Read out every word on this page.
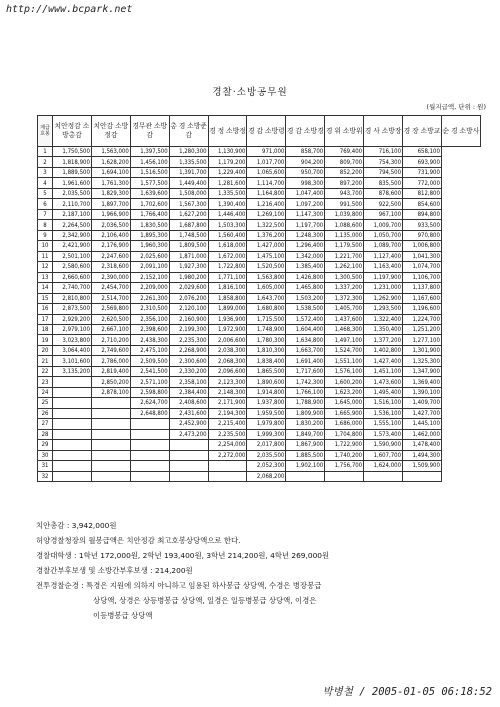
http://www.bcpark.net
경찰·소방공무원
(월지급액, 단위 : 원)
계급
호봉	치안정감 소방총감	치안감 소방정감	경무관 소방감	총 경 소방준감	경 정 소방정	경 감 소방령	경 감 소방경	경 위 소방위	경 사 소방장	경 장 소방교	순 경 소방사
1	1,750,500	1,563,000	1,397,500	1,280,300	1,130,900	971,000	858,700	769,400	716,100	658,100	
2	1,818,900	1,628,200	1,456,100	1,335,500	1,179,200	1,017,700	904,200	809,700	754,300	693,900	
3	1,889,500	1,694,100	1,516,500	1,391,700	1,229,400	1,065,600	950,700	852,200	794,500	731,900	
4	1,961,600	1,761,300	1,577,500	1,449,400	1,281,600	1,114,700	998,300	897,200	835,500	772,000	
5	2,035,500	1,829,300	1,639,600	1,508,000	1,335,500	1,164,800	1,047,400	943,700	878,600	812,800	
6	2,110,700	1,897,700	1,702,600	1,567,300	1,390,400	1,216,400	1,097,200	991,500	922,500	854,600	
7	2,187,100	1,966,900	1,766,400	1,627,200	1,446,400	1,269,100	1,147,300	1,039,800	967,100	894,800	
8	2,264,500	2,036,500	1,830,500	1,687,800	1,503,300	1,322,500	1,197,700	1,088,600	1,009,700	933,500	
9	2,342,900	2,106,400	1,895,300	1,748,500	1,560,400	1,376,200	1,248,300	1,135,000	1,050,700	970,800	
10	2,421,900	2,176,900	1,960,300	1,809,500	1,618,000	1,427,000	1,296,400	1,179,500	1,089,700	1,006,800	
11	2,501,100	2,247,600	2,025,600	1,871,000	1,672,000	1,475,100	1,342,000	1,221,700	1,127,400	1,041,300	
12	2,580,600	2,318,600	2,091,100	1,927,300	1,722,800	1,520,500	1,385,400	1,262,100	1,163,400	1,074,700	
13	2,660,600	2,390,000	2,152,100	1,980,200	1,771,100	1,563,800	1,426,800	1,300,500	1,197,900	1,106,700	
14	2,740,700	2,454,700	2,209,000	2,029,600	1,816,100	1,605,000	1,465,800	1,337,200	1,231,000	1,137,800	
15	2,810,800	2,514,700	2,261,300	2,076,200	1,858,800	1,643,700	1,503,200	1,372,300	1,262,900	1,167,600	
16	2,873,500	2,569,800	2,310,500	2,120,100	1,899,000	1,680,800	1,538,500	1,405,700	1,293,500	1,196,600	
17	2,929,200	2,620,500	2,356,100	2,160,900	1,936,900	1,715,500	1,572,400	1,437,600	1,322,400	1,224,700	
18	2,979,100	2,667,100	2,398,600	2,199,300	1,972,900	1,748,900	1,604,400	1,468,300	1,350,400	1,251,200	
19	3,023,800	2,710,200	2,438,300	2,235,300	2,006,600	1,780,300	1,634,800	1,497,100	1,377,200	1,277,100	
20	3,064,400	2,749,600	2,475,100	2,268,900	2,038,300	1,810,300	1,663,700	1,524,700	1,402,800	1,301,900	
21	3,101,600	2,786,000	2,509,500	2,300,600	2,068,300	1,838,400	1,691,400	1,551,100	1,427,400	1,325,300	
22	3,135,200	2,819,400	2,541,500	2,330,200	2,096,600	1,865,500	1,717,600	1,576,100	1,451,100	1,347,900	
23		2,850,200	2,571,100	2,358,100	2,123,300	1,890,600	1,742,300	1,600,200	1,473,600	1,369,400	
24		2,878,100	2,598,800	2,384,400	2,148,300	1,914,800	1,766,100	1,623,200	1,495,400	1,390,100	
25			2,624,700	2,408,600	2,171,900	1,937,800	1,788,900	1,645,000	1,516,100	1,409,700	
26			2,648,800	2,431,600	2,194,300	1,959,500	1,809,900	1,665,900	1,536,100	1,427,700	
27				2,452,900	2,215,400	1,979,800	1,830,200	1,686,000	1,555,100	1,445,100	
28				2,473,200	2,235,500	1,999,300	1,849,700	1,704,800	1,573,400	1,462,000	
29					2,254,000	2,017,800	1,867,900	1,722,900	1,590,900	1,478,400	
30					2,272,000	2,035,500	1,885,500	1,740,200	1,607,700	1,494,300	
31						2,052,300	1,902,100	1,756,700	1,624,000	1,509,900	
32						2,068,200					
치안총감 : 3,942,000원
허양경찰청장의 월봉급액은 치안정감 최고호봉상당액으로 한다.
경찰대학생 : 1학년 172,000원, 2학년 193,400원, 3학년 214,200원, 4학년 269,000원
경찰간부후보생 및 소방간부후보생 : 214,200원
전투경찰순경 : 특경은 지원에 의하지 아니하고 임용된 하사봉급 상당액, 수경은 병장봉급
상당액, 상경은 상등병봉급 상당액, 일경은 일등병봉급 상당액, 이경은
이등병봉급 상당액
박병철 / 2005-01-05 06:18:52
